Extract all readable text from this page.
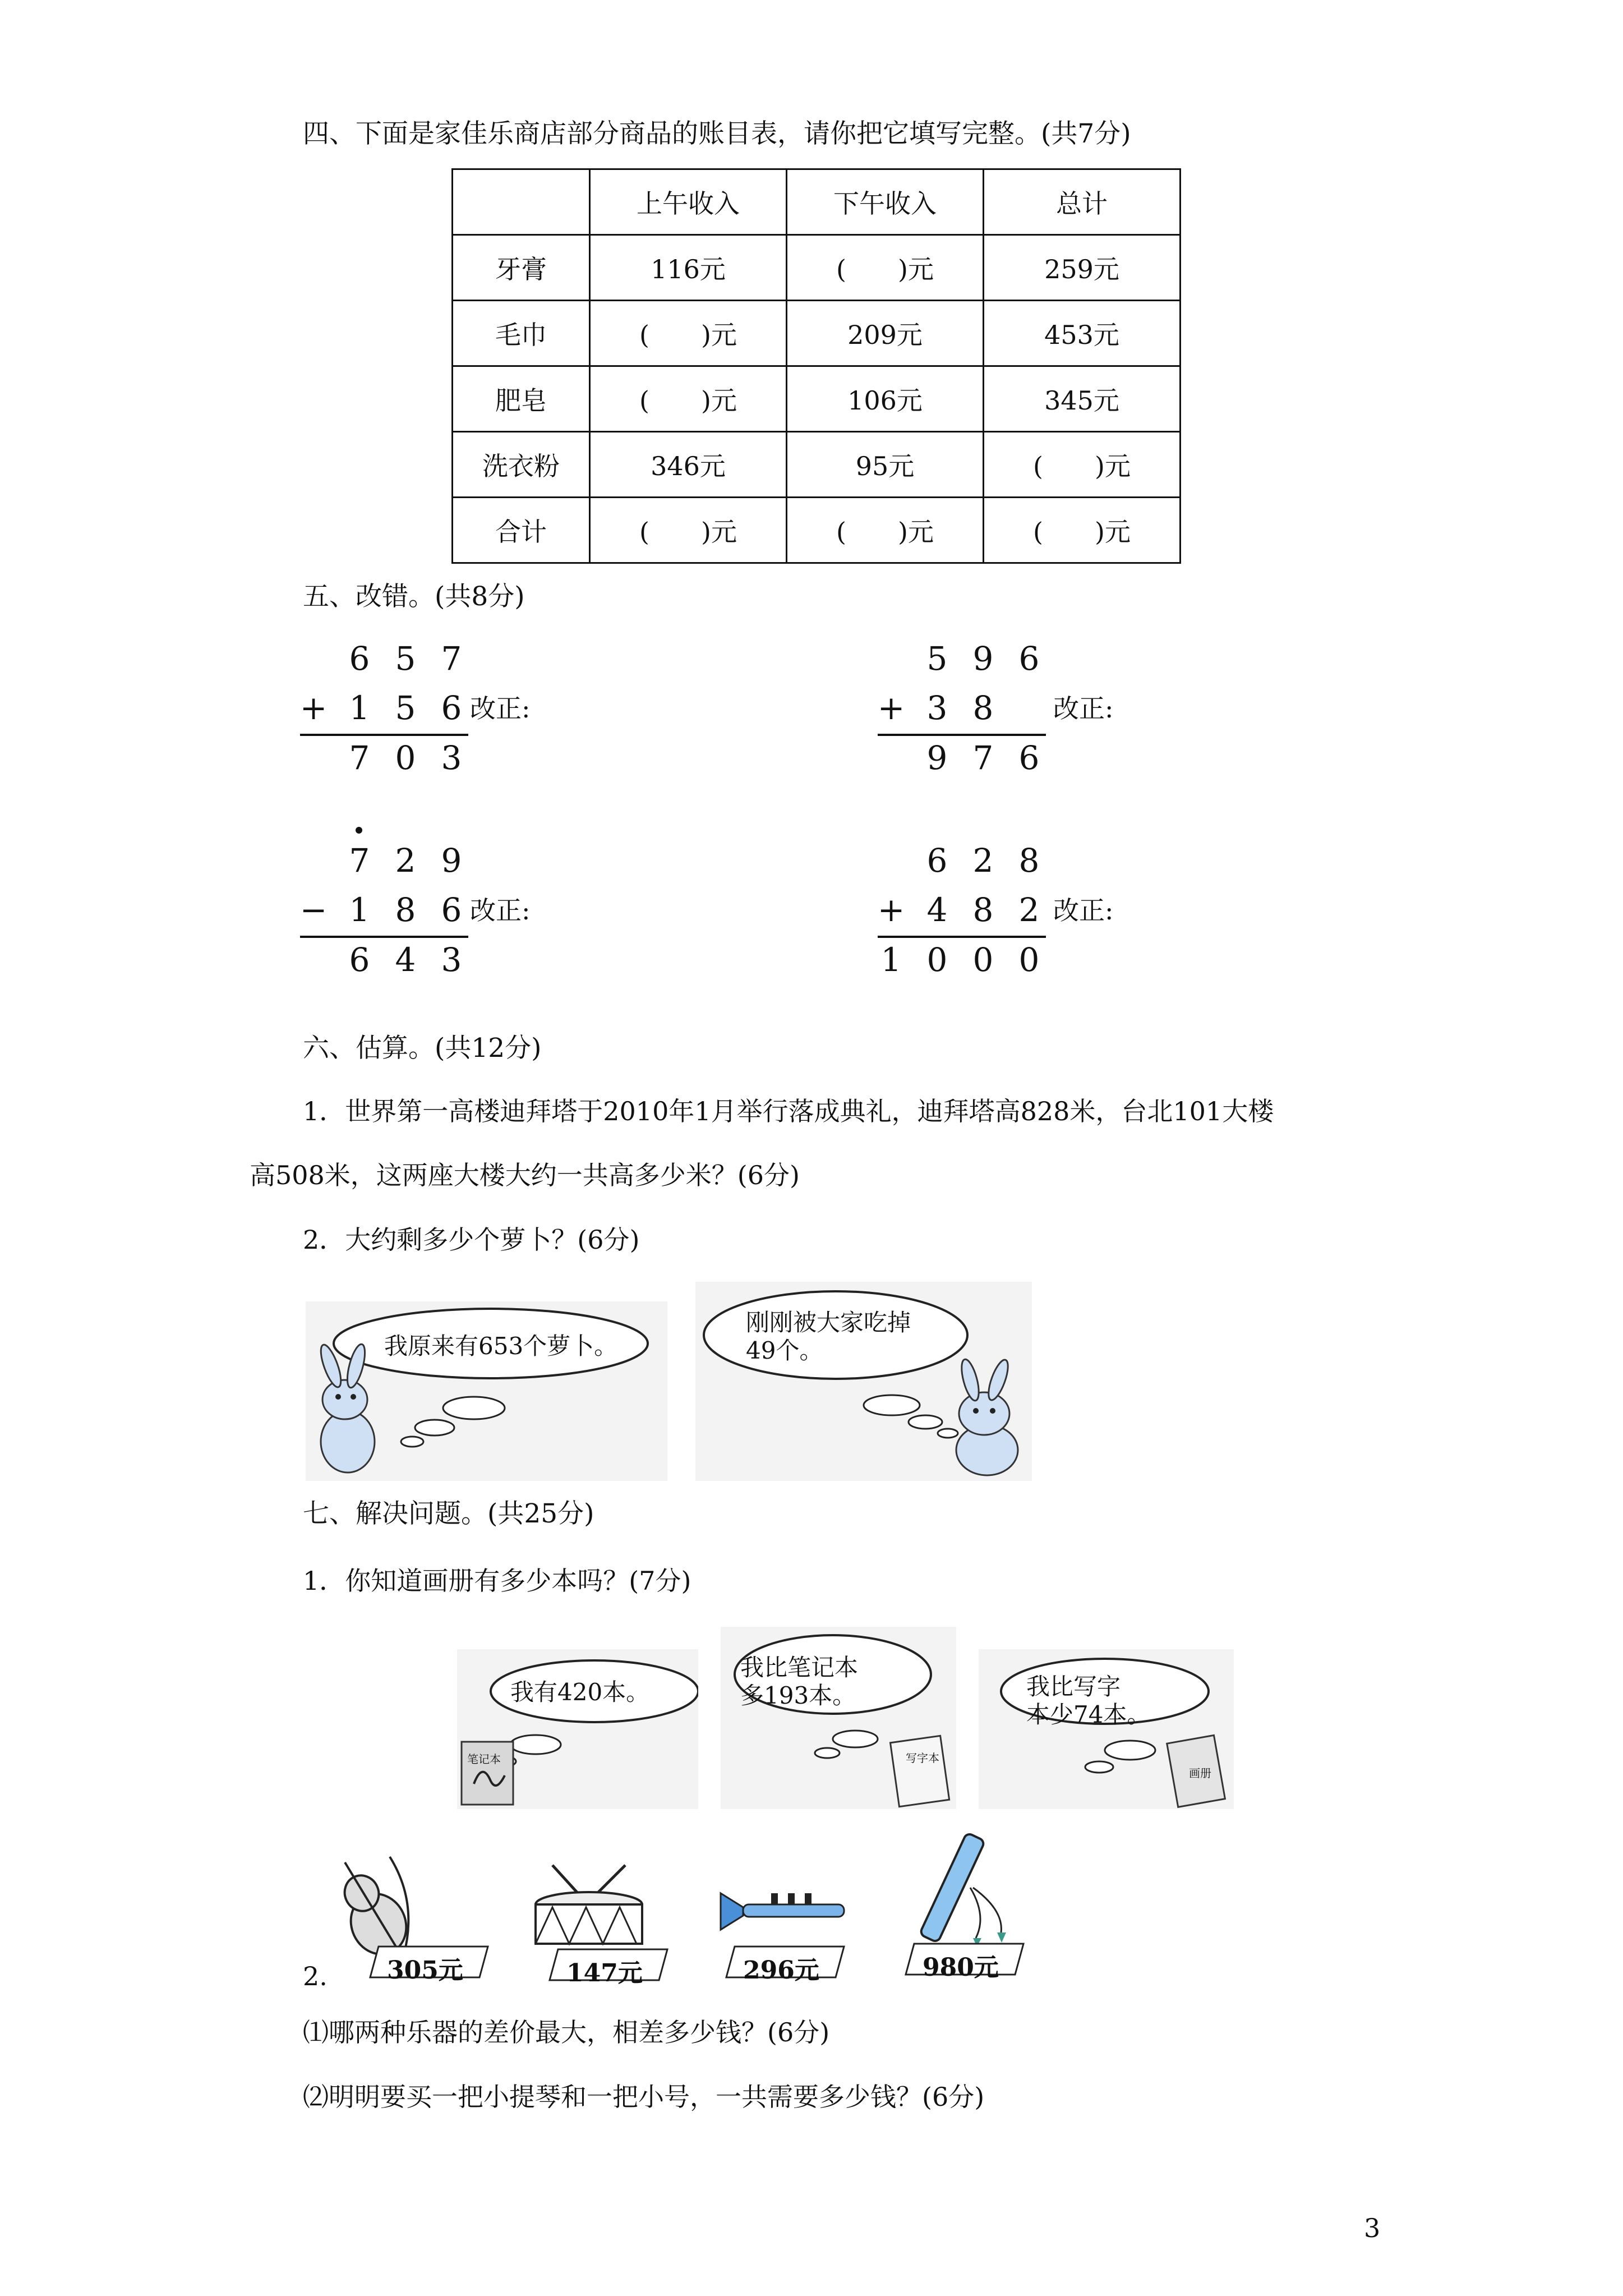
四、下面是家佳乐商店部分商品的账目表，请你把它填写完整。(共7分)
	上午收入	下午收入	总计
牙膏	116元	(　　)元	259元
毛巾	(　　)元	209元	453元
肥皂	(　　)元	106元	345元
洗衣粉	346元	95元	(　　)元
合计	(　　)元	(　　)元	(　　)元
五、改错。(共8分)
6 5 7
+ 1 5 6 改正:
7 0 3
5 9 6
+ 3 8	改正:
9 7 6
7 2 9
− 1 8 6 改正:
6 4 3
6 2 8
+ 4 8 2 改正:
1 0 0 0
六、估算。(共12分)
1．世界第一高楼迪拜塔于2010年1月举行落成典礼，迪拜塔高828米，台北101大楼
高508米，这两座大楼大约一共高多少米？(6分)
2．大约剩多少个萝卜？(6分)
我原来有653个萝卜。
刚刚被大家吃掉
49个。
七、解决问题。(共25分)
1．你知道画册有多少本吗？(7分)
我有420本。
笔记本
我比笔记本
多193本。
写字本
我比写字
本少74本。
画册
2. 305元	147元	296元	980元
⑴哪两种乐器的差价最大，相差多少钱？(6分)
⑵明明要买一把小提琴和一把小号，一共需要多少钱？(6分)
3
